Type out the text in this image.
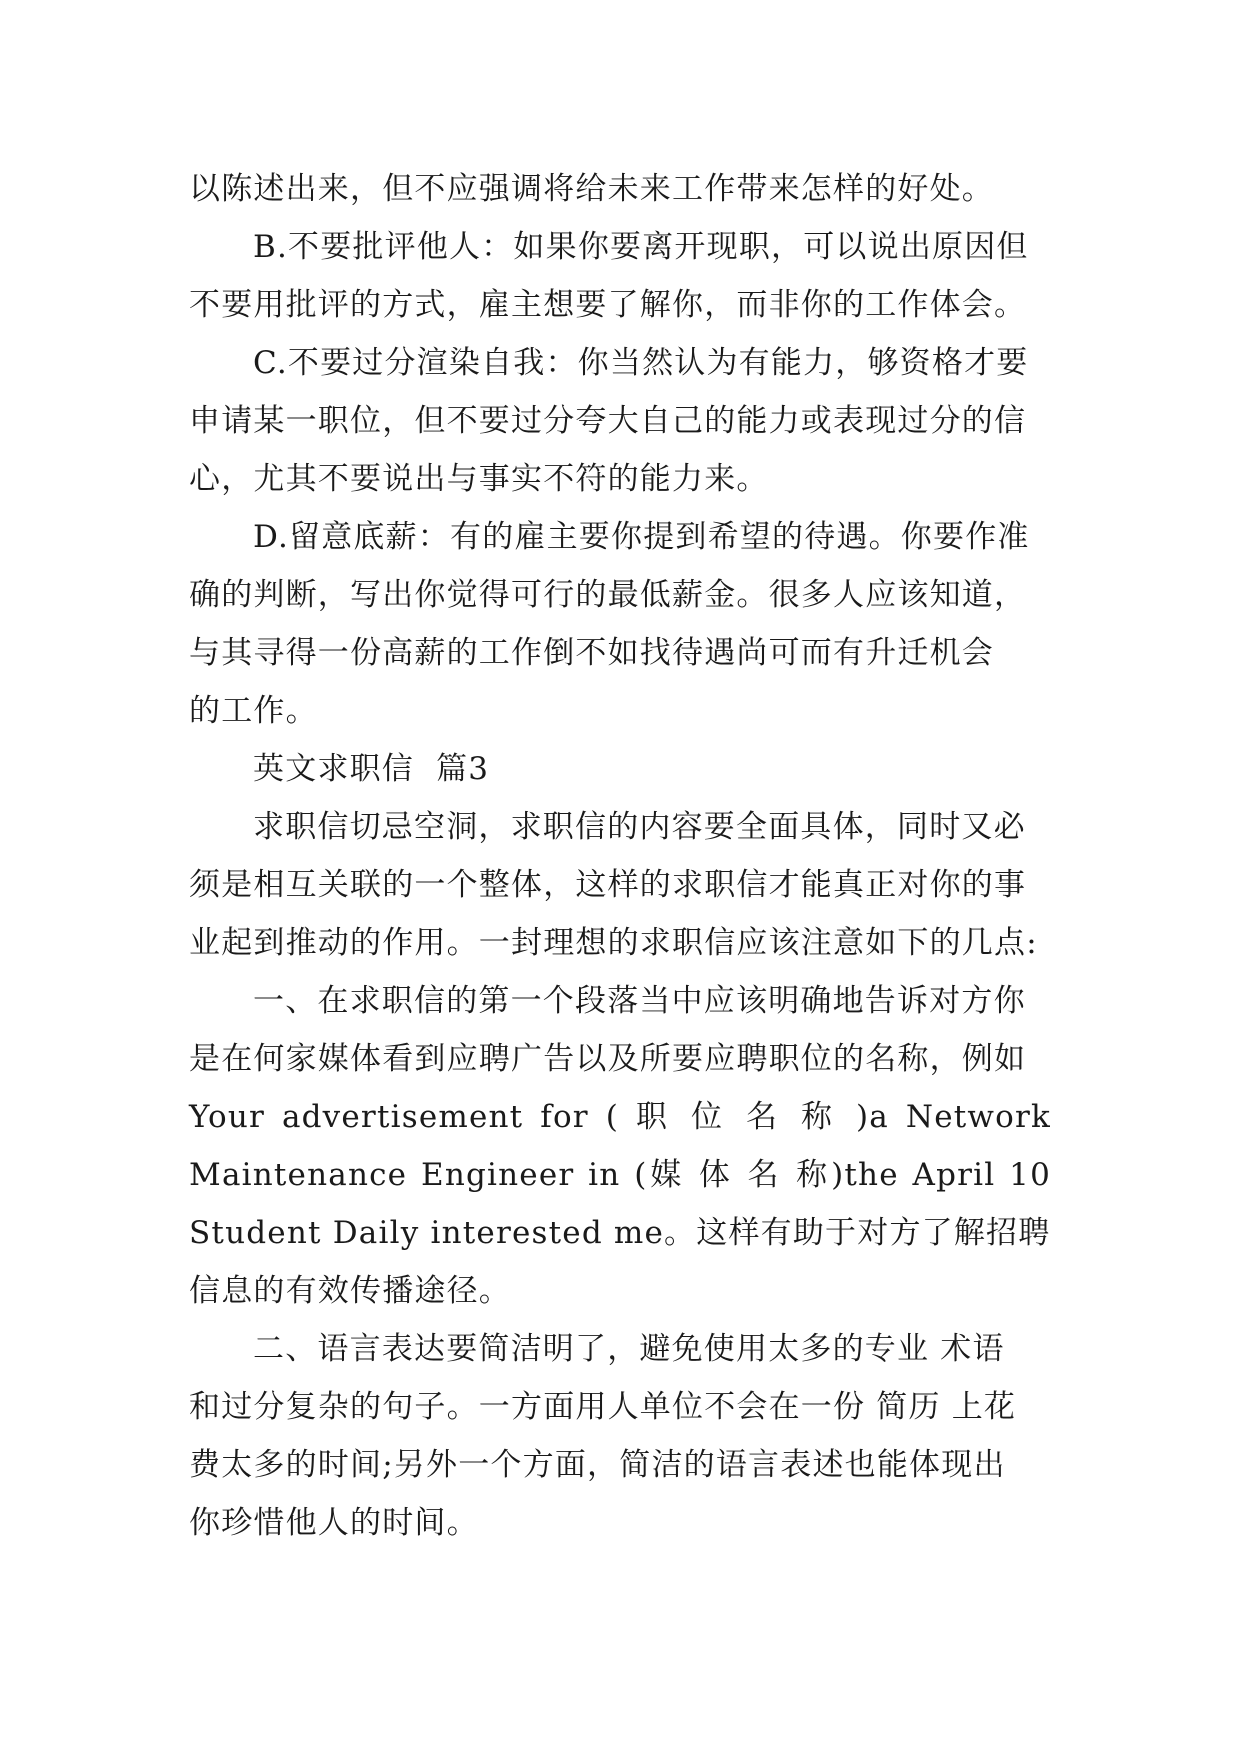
以陈述出来，但不应强调将给未来工作带来怎样的好处。
B.不要批评他人：如果你要离开现职，可以说出原因但
不要用批评的方式，雇主想要了解你，而非你的工作体会。
C.不要过分渲染自我：你当然认为有能力，够资格才要
申请某一职位，但不要过分夸大自己的能力或表现过分的信
心，尤其不要说出与事实不符的能力来。
D.留意底薪：有的雇主要你提到希望的待遇。你要作准
确的判断，写出你觉得可行的最低薪金。很多人应该知道，
与其寻得一份高薪的工作倒不如找待遇尚可而有升迁机会
的工作。
英文求职信  篇3
求职信切忌空洞，求职信的内容要全面具体，同时又必
须是相互关联的一个整体，这样的求职信才能真正对你的事
业起到推动的作用。一封理想的求职信应该注意如下的几点:
一、在求职信的第一个段落当中应该明确地告诉对方你
是在何家媒体看到应聘广告以及所要应聘职位的名称，例如
Your advertisement for ( 职 位 名 称 )a Network
Maintenance Engineer in (媒 体 名 称)the April 10
Student Daily interested me。这样有助于对方了解招聘
信息的有效传播途径。
二、语言表达要简洁明了，避免使用太多的专业 术语
和过分复杂的句子。一方面用人单位不会在一份 简历 上花
费太多的时间;另外一个方面，简洁的语言表述也能体现出
你珍惜他人的时间。
